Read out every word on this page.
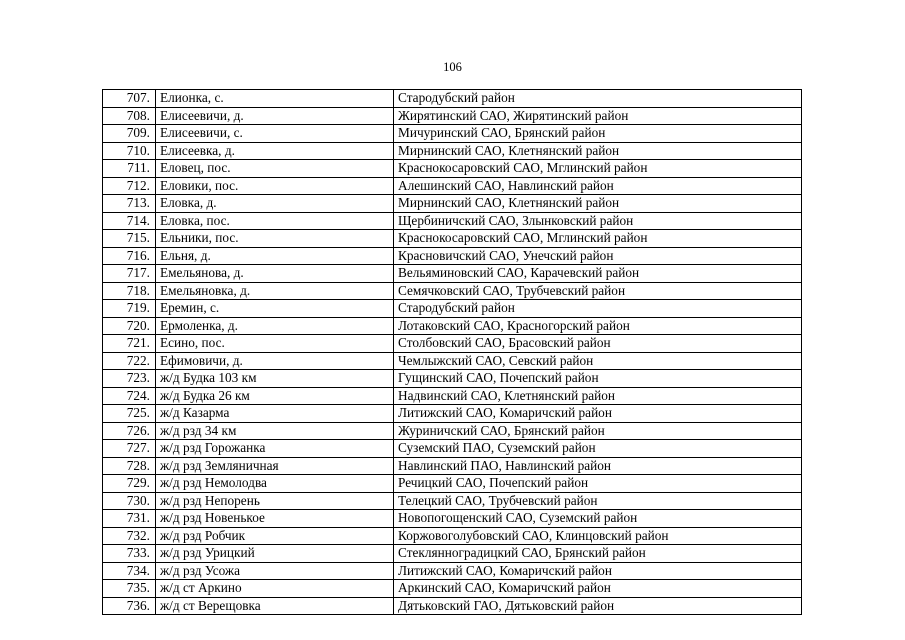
106
707.	Елионка, с.	Стародубский район
708.	Елисеевичи, д.	Жирятинский САО, Жирятинский район
709.	Елисеевичи, с.	Мичуринский САО, Брянский район
710.	Елисеевка, д.	Мирнинский САО, Клетнянский район
711.	Еловец, пос.	Краснокосаровский САО, Мглинский район
712.	Еловики, пос.	Алешинский САО, Навлинский район
713.	Еловка, д.	Мирнинский САО, Клетнянский район
714.	Еловка, пос.	Щербиничский САО, Злынковский район
715.	Ельники, пос.	Краснокосаровский САО, Мглинский район
716.	Ельня, д.	Красновичский САО, Унечский район
717.	Емельянова, д.	Вельяминовский САО, Карачевский район
718.	Емельяновка, д.	Семячковский САО, Трубчевский район
719.	Еремин, с.	Стародубский район
720.	Ермоленка, д.	Лотаковский САО, Красногорский район
721.	Есино, пос.	Столбовский САО, Брасовский район
722.	Ефимовичи, д.	Чемлыжский САО, Севский район
723.	ж/д Будка 103 км	Гущинский САО, Почепский район
724.	ж/д Будка 26 км	Надвинский САО, Клетнянский район
725.	ж/д Казарма	Литижский САО, Комаричский район
726.	ж/д рзд 34 км	Журиничский САО, Брянский район
727.	ж/д рзд Горожанка	Суземский ПАО, Суземский район
728.	ж/д рзд Земляничная	Навлинский ПАО, Навлинский район
729.	ж/д рзд Немолодва	Речицкий САО, Почепский район
730.	ж/д рзд Непорень	Телецкий САО, Трубчевский район
731.	ж/д рзд Новенькое	Новопогощенский САО, Суземский район
732.	ж/д рзд Робчик	Коржовоголубовский САО, Клинцовский район
733.	ж/д рзд Урицкий	Стеклянноградицкий САО, Брянский район
734.	ж/д рзд Усожа	Литижский САО, Комаричский район
735.	ж/д ст Аркино	Аркинский САО, Комаричский район
736.	ж/д ст Верещовка	Дятьковский ГАО, Дятьковский район
